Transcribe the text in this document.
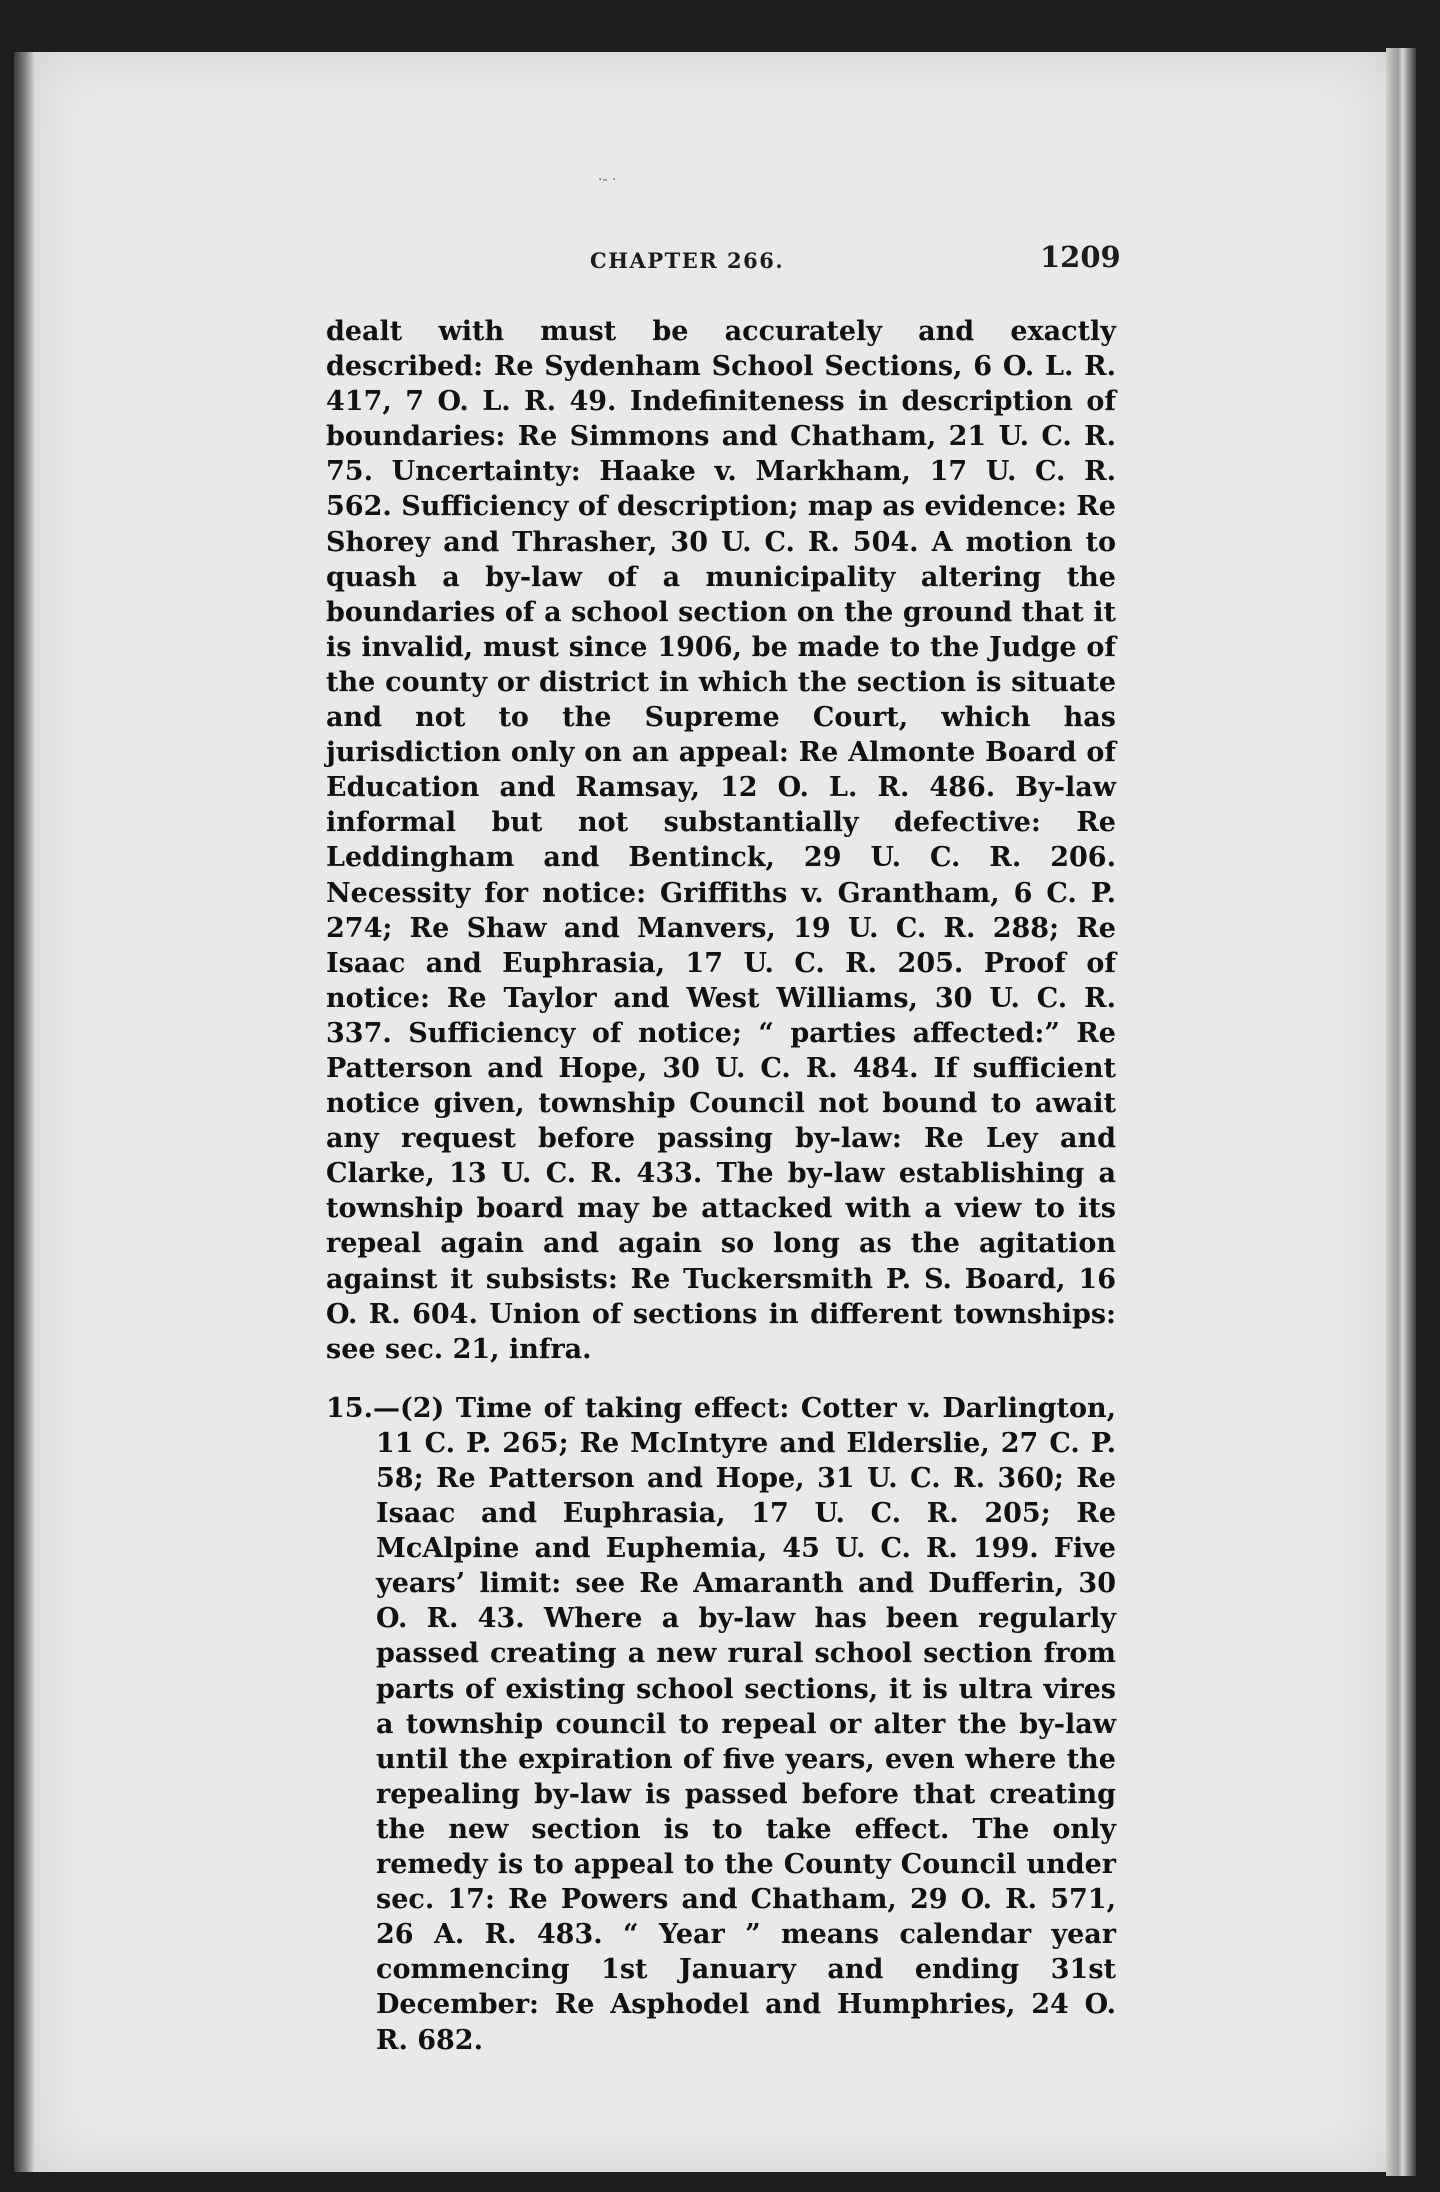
·- ·
CHAPTER 266.	1209

dealt with must be accurately and exactly described: Re Sydenham School Sections, 6 O. L. R. 417, 7 O. L. R. 49. Indefiniteness in description of boundaries: Re Simmons and Chatham, 21 U. C. R. 75. Uncertainty: Haake v. Markham, 17 U. C. R. 562. Sufficiency of description; map as evidence: Re Shorey and Thrasher, 30 U. C. R. 504. A motion to quash a by-law of a municipality altering the boundaries of a school section on the ground that it is invalid, must since 1906, be made to the Judge of the county or district in which the section is situate and not to the Supreme Court, which has jurisdiction only on an appeal: Re Almonte Board of Education and Ramsay, 12 O. L. R. 486. By-law informal but not substantially defective: Re Leddingham and Bentinck, 29 U. C. R. 206. Necessity for notice: Griffiths v. Grantham, 6 C. P. 274; Re Shaw and Manvers, 19 U. C. R. 288; Re Isaac and Euphrasia, 17 U. C. R. 205. Proof of notice: Re Taylor and West Williams, 30 U. C. R. 337. Sufficiency of notice; “ parties affected:” Re Patterson and Hope, 30 U. C. R. 484. If sufficient notice given, township Council not bound to await any request before passing by-law: Re Ley and Clarke, 13 U. C. R. 433. The by-law establishing a township board may be attacked with a view to its repeal again and again so long as the agitation against it subsists: Re Tuckersmith P. S. Board, 16 O. R. 604. Union of sections in different townships: see sec. 21, infra.

15.—(2) Time of taking effect: Cotter v. Darlington, 11 C. P. 265; Re McIntyre and Elderslie, 27 C. P. 58; Re Patterson and Hope, 31 U. C. R. 360; Re Isaac and Euphrasia, 17 U. C. R. 205; Re McAlpine and Euphemia, 45 U. C. R. 199. Five years’ limit: see Re Amaranth and Dufferin, 30 O. R. 43. Where a by-law has been regularly passed creating a new rural school section from parts of existing school sections, it is ultra vires a township council to repeal or alter the by-law until the expiration of five years, even where the repealing by-law is passed before that creating the new section is to take effect. The only remedy is to appeal to the County Council under sec. 17: Re Powers and Chatham, 29 O. R. 571, 26 A. R. 483. “ Year ” means calendar year commencing 1st January and ending 31st December: Re Asphodel and Humphries, 24 O. R. 682.
